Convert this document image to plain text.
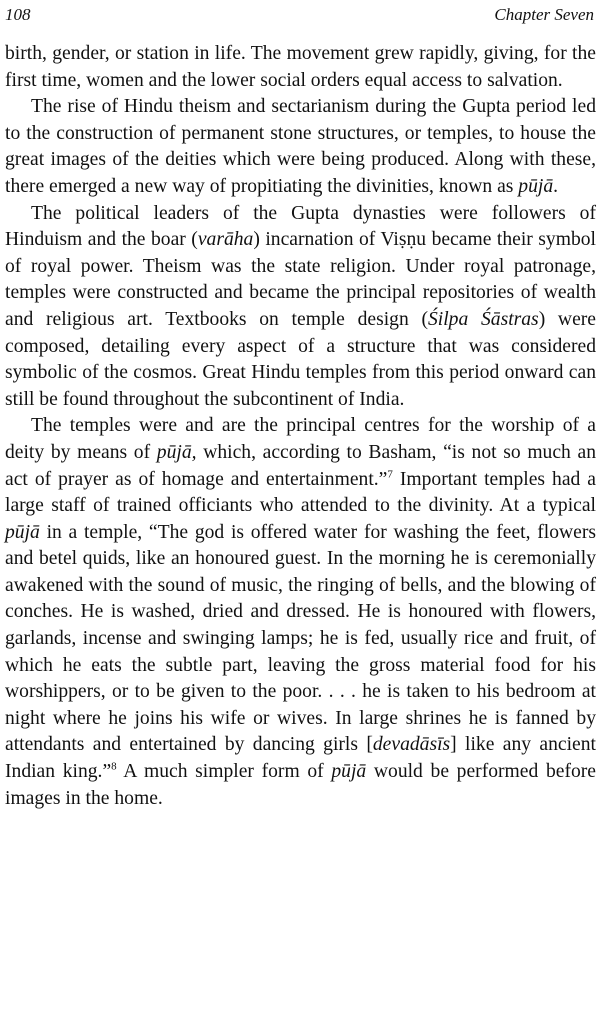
108	Chapter Seven

birth, gender, or station in life. The movement grew rapidly, giving, for the first time, women and the lower social orders equal access to salvation.

The rise of Hindu theism and sectarianism during the Gupta period led to the construction of permanent stone structures, or temples, to house the great images of the deities which were being produced. Along with these, there emerged a new way of propitiating the divinities, known as pūjā.

The political leaders of the Gupta dynasties were followers of Hinduism and the boar (varāha) incarnation of Viṣṇu became their symbol of royal power. Theism was the state religion. Under royal patronage, temples were constructed and became the principal repositories of wealth and religious art. Textbooks on temple design (Śilpa Śāstras) were composed, detailing every aspect of a structure that was considered symbolic of the cosmos. Great Hindu temples from this period onward can still be found throughout the subcontinent of India.

The temples were and are the principal centres for the worship of a deity by means of pūjā, which, according to Basham, “is not so much an act of prayer as of homage and entertainment.”$^7$ Important temples had a large staff of trained officiants who attended to the divinity. At a typical pūjā in a temple, “The god is offered water for washing the feet, flowers and betel quids, like an honoured guest. In the morning he is ceremonially awakened with the sound of music, the ringing of bells, and the blowing of conches. He is washed, dried and dressed. He is honoured with flowers, garlands, incense and swinging lamps; he is fed, usually rice and fruit, of which he eats the subtle part, leaving the gross material food for his worshippers, or to be given to the poor. . . . he is taken to his bedroom at night where he joins his wife or wives. In large shrines he is fanned by attendants and entertained by dancing girls [devadāsīs] like any ancient Indian king.”$^8$ A much simpler form of pūjā would be performed before images in the home.
